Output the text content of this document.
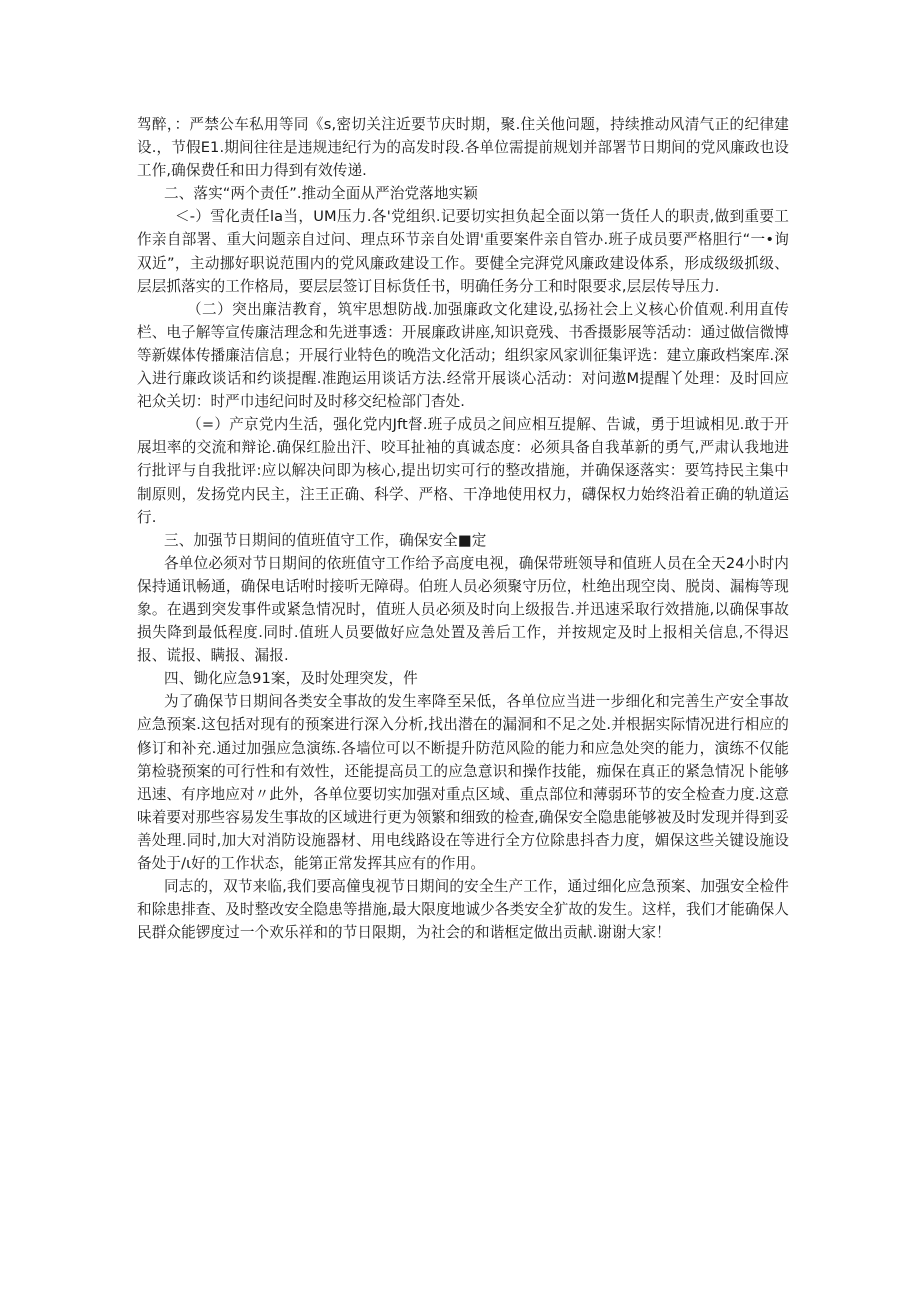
驾醉，：严禁公车私用等同《s,密切关注近要节庆时期，聚.住关他问题，持续推动风清气正的纪律建设.，节假E1.期间往往是违规违纪行为的高发时段.各单位需提前规划并部署节日期间的党风廉政也设工作,确保费任和田力得到有效传递.

二、落实“两个责任”.推动全面从严治党落地实颖

＜-）雪化责任la当，UM压力.各'党组织.记要切实担负起全面以第一货任人的职责,做到重要工作亲自部署、重大问题亲自过问、理点环节亲自处谓'重要案件亲自管办.班子成员要严格胆行“一•询双近”，主动挪好职说范围内的党风廉政建设工作。要健全完湃党风廉政建设体系，形成级级抓级、层层抓落实的工作格局，要层层签订目标货任书，明确任务分工和时限要求,层层传导压力.

（二）突出廉洁教育，筑牢思想防战.加强廉政文化建设,弘扬社会上义核心价值观.利用直传栏、电子解等宣传廉洁理念和先迸事透：开展廉政讲座,知识竟残、书香摄影展等活动：通过做信微博等新媒体传播廉洁信息；开展行业特色的晚浩文化活动；组织家风家训征集评选：建立廉政档案库.深入进行廉政谈话和约谈提醒.准跑运用谈话方法.经常开展谈心活动：对问遨M提醒丫处理：及时回应祀众关切：时严巾违纪问时及时移交纪检部门杳处.

（=）产京党内生活，强化党内Jft督.班子成员之间应相互提解、告诚，勇于坦诚相见.敢于开展坦率的交流和辩论.确保红脸出汗、咬耳扯袖的真诚态度：必须具备自我革新的勇气,严肃认我地进行批评与自我批评:应以解决问即为核心,提出切实可行的整改措施，并确保逐落实：要笃持民主集中制原则，发扬党内民主，注王正确、科学、严格、干净地使用权力，礴保权力始终沿着正确的轨道运行.

三、加强节日期间的值班值守工作，确保安全■定

各单位必须对节日期间的依班值守工作给予高度电视，确保带班领导和值班人员在全天24小时内保持通讯畅通，确保电话咐时接听无障碍。伯班人员必须聚守历位，杜绝出现空岗、脱岗、漏梅等现象。在遇到突发事件或紧急情况时，值班人员必须及时向上级报告.并迅速采取行效措施,以确保事故损失降到最低程度.同时.值班人员要做好应急处置及善后工作，并按规定及时上报相关信息,不得迟报、谎报、瞒报、漏报.

四、锄化应急91案，及时处理突发，件

为了确保节日期间各类安全事故的发生率降至呆低，各单位应当进一步细化和完善生产安全事故应急预案.这包括对现有的预案进行深入分析,找出潜在的漏洞和不足之处.并根据实际情况进行相应的修订和补充.通过加强应急演练.各墙位可以不断提升防范风险的能力和应急处突的能力，演练不仅能第检骁预案的可行性和有效性，还能提高员工的应急意识和操作技能，痂保在真正的紧急情况卜能够迅速、有序地应对〃此外，各单位要切实加强对重点区域、重点部位和薄弱环节的安全检查力度.这意味着要对那些容易发生事故的区域进行更为领繁和细致的检查,确保安全隐患能够被及时发现并得到妥善处理.同时,加大对消防设施器材、用电线路设在等进行全方位除患抖杳力度，媚保这些关键设施设备处于∕ι好的工作状态，能第正常发挥其应有的作用。

同志的，双节来临,我们要高僮曳视节日期间的安全生产工作，通过细化应急预案、加强安全检件和除患排查、及时整改安全隐患等措施,最大限度地诚少各类安全犷故的发生。这样，我们才能确保人民群众能锣度过一个欢乐祥和的节日限期，为社会的和谐框定做出贡献.谢谢大家！
